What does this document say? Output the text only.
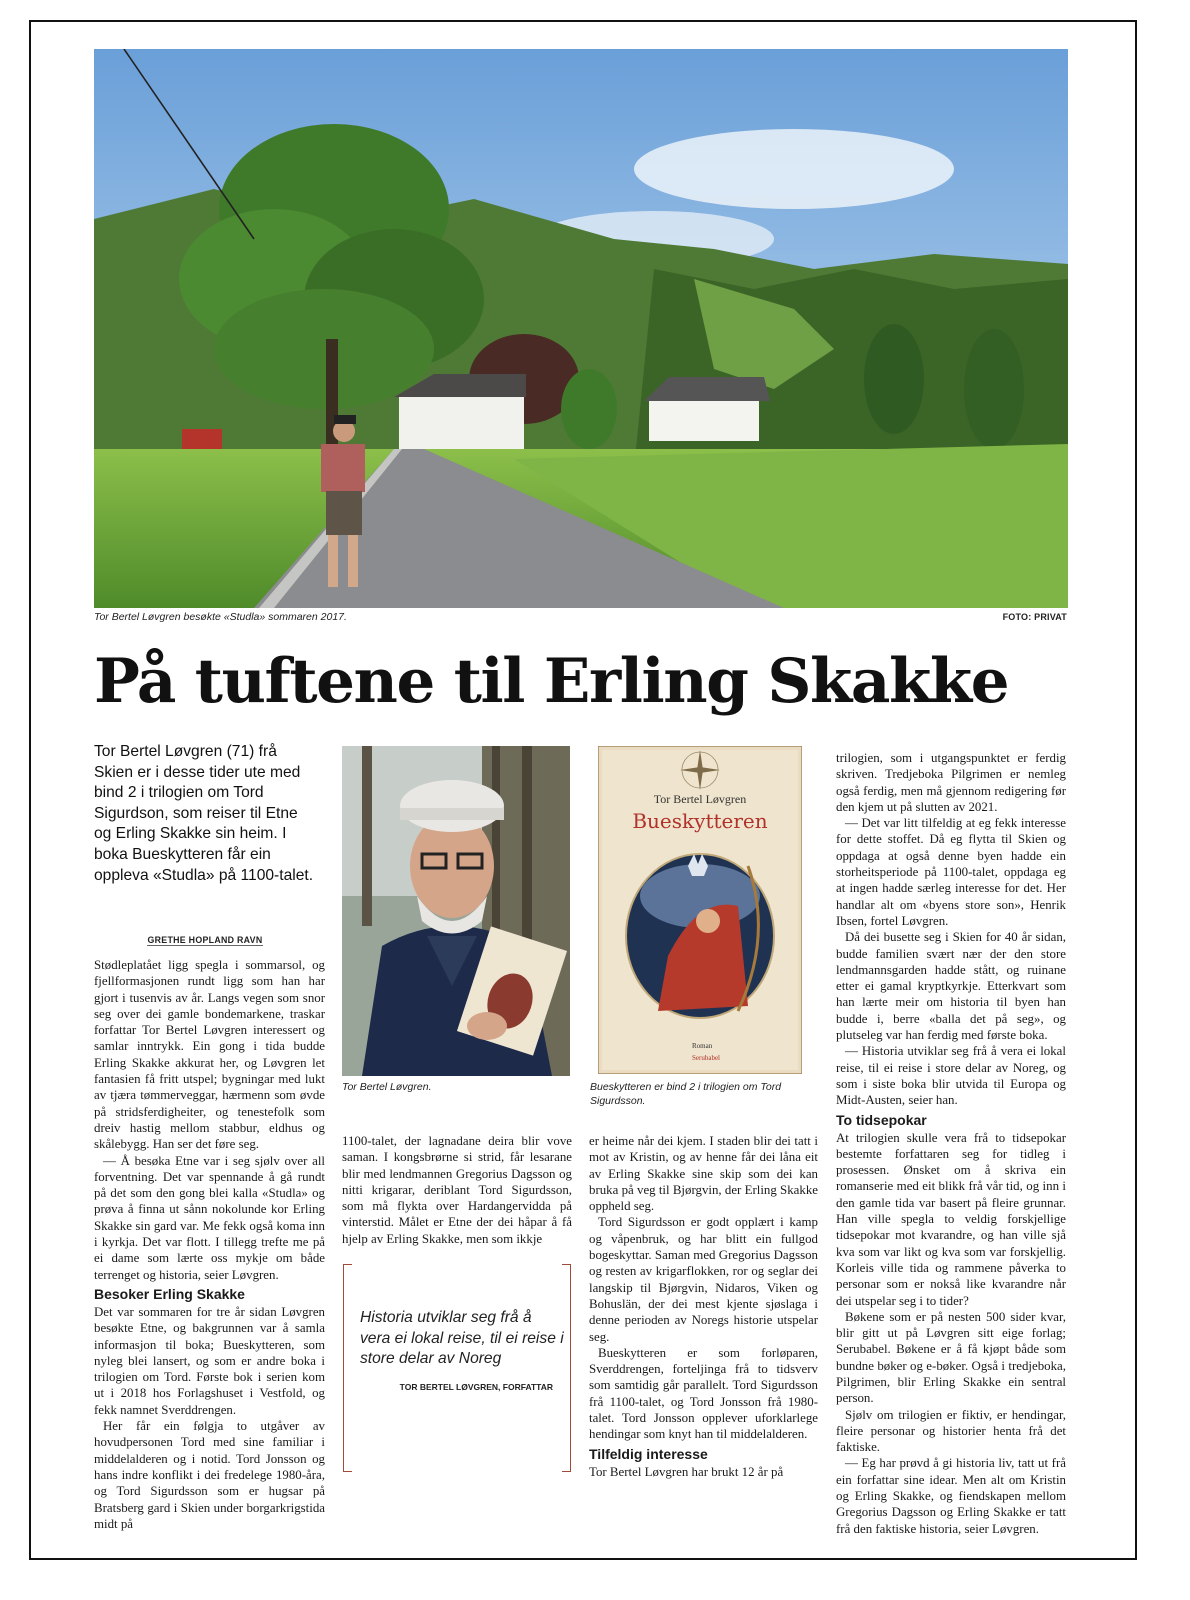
Tor Bertel Løvgren besøkte «Studla» sommaren 2017.	FOTO: PRIVAT
På tuftene til Erling Skakke

Tor Bertel Løvgren (71) frå Skien er i desse tider ute med bind 2 i trilogien om Tord Sigurdson, som reiser til Etne og Erling Skakke sin heim. I boka Bueskytteren får ein oppleva «Studla» på 1100-talet.

GRETHE HOPLAND RAVN

Stødleplatået ligg spegla i sommarsol, og fjellformasjonen rundt ligg som han har gjort i tusenvis av år. Langs vegen som snor seg over dei gamle bondemarkene, traskar forfattar Tor Bertel Løvgren interessert og samlar inntrykk. Ein gong i tida budde Erling Skakke akkurat her, og Løvgren let fantasien få fritt utspel; bygningar med lukt av tjæra tømmerveggar, hærmenn som øvde på stridsferdigheiter, og tenestefolk som dreiv hastig mellom stabbur, eldhus og skålebygg. Han ser det føre seg.

— Å besøka Etne var i seg sjølv over all forventning. Det var spennande å gå rundt på det som den gong blei kalla «Studla» og prøva å finna ut sånn nokolunde kor Erling Skakke sin gard var. Me fekk også koma inn i kyrkja. Det var flott. I tillegg trefte me på ei dame som lærte oss mykje om både terrenget og historia, seier Løvgren.

Besoker Erling Skakke

Det var sommaren for tre år sidan Løvgren besøkte Etne, og bakgrunnen var å samla informasjon til boka; Bueskytteren, som nyleg blei lansert, og som er andre boka i trilogien om Tord. Første bok i serien kom ut i 2018 hos Forlagshuset i Vestfold, og fekk namnet Sverddrengen.

Her får ein følgja to utgåver av hovudpersonen Tord med sine familiar i middelalderen og i notid. Tord Jonsson og hans indre konflikt i dei fredelege 1980-åra, og Tord Sigurdsson som er hugsar på Bratsberg gard i Skien under borgarkrigstida midt på

Tor Bertel Løvgren.
Tor Bertel Løvgren
Bueskytteren
Roman
Serubabel
Bueskytteren er bind 2 i trilogien om Tord Sigurdsson.

1100-talet, der lagnadane deira blir vove saman. I kongsbrørne si strid, får lesarane blir med lendmannen Gregorius Dagsson og nitti krigarar, deriblant Tord Sigurdsson, som må flykta over Hardangervidda på vinterstid. Målet er Etne der dei håpar å få hjelp av Erling Skakke, men som ikkje

Historia utviklar seg frå å vera ei lokal reise, til ei reise i store delar av Noreg
TOR BERTEL LØVGREN, FORFATTAR

er heime når dei kjem. I staden blir dei tatt i mot av Kristin, og av henne får dei låna eit av Erling Skakke sine skip som dei kan bruka på veg til Bjørgvin, der Erling Skakke oppheld seg.

Tord Sigurdsson er godt opplært i kamp og våpenbruk, og har blitt ein fullgod bogeskyttar. Saman med Gregorius Dagsson og resten av krigarflokken, ror og seglar dei langskip til Bjørgvin, Nidaros, Viken og Bohuslän, der dei mest kjente sjøslaga i denne perioden av Noregs historie utspelar seg.

Bueskytteren er som forløparen, Sverddrengen, forteljinga frå to tidsverv som samtidig går parallelt. Tord Sigurdsson frå 1100-talet, og Tord Jonsson frå 1980-talet. Tord Jonsson opplever uforklarlege hendingar som knyt han til middelalderen.

Tilfeldig interesse

Tor Bertel Løvgren har brukt 12 år på

trilogien, som i utgangspunktet er ferdig skriven. Tredjeboka Pilgrimen er nemleg også ferdig, men må gjennom redigering før den kjem ut på slutten av 2021.

— Det var litt tilfeldig at eg fekk interesse for dette stoffet. Då eg flytta til Skien og oppdaga at også denne byen hadde ein storheitsperiode på 1100-talet, oppdaga eg at ingen hadde særleg interesse for det. Her handlar alt om «byens store son», Henrik Ibsen, fortel Løvgren.

Då dei busette seg i Skien for 40 år sidan, budde familien svært nær der den store lendmannsgarden hadde stått, og ruinane etter ei gamal kryptkyrkje. Etterkvart som han lærte meir om historia til byen han budde i, berre «balla det på seg», og plutseleg var han ferdig med første boka.

— Historia utviklar seg frå å vera ei lokal reise, til ei reise i store delar av Noreg, og som i siste boka blir utvida til Europa og Midt-Austen, seier han.

To tidsepokar

At trilogien skulle vera frå to tidsepokar bestemte forfattaren seg for tidleg i prosessen. Ønsket om å skriva ein romanserie med eit blikk frå vår tid, og inn i den gamle tida var basert på fleire grunnar. Han ville spegla to veldig forskjellige tidsepokar mot kvarandre, og han ville sjå kva som var likt og kva som var forskjellig. Korleis ville tida og rammene påverka to personar som er nokså like kvarandre når dei utspelar seg i to tider?

Bøkene som er på nesten 500 sider kvar, blir gitt ut på Løvgren sitt eige forlag; Serubabel. Bøkene er å få kjøpt både som bundne bøker og e-bøker. Også i tredjeboka, Pilgrimen, blir Erling Skakke ein sentral person.

Sjølv om trilogien er fiktiv, er hendingar, fleire personar og historier henta frå det faktiske.

— Eg har prøvd å gi historia liv, tatt ut frå ein forfattar sine idear. Men alt om Kristin og Erling Skakke, og fiendskapen mellom Gregorius Dagsson og Erling Skakke er tatt frå den faktiske historia, seier Løvgren.
